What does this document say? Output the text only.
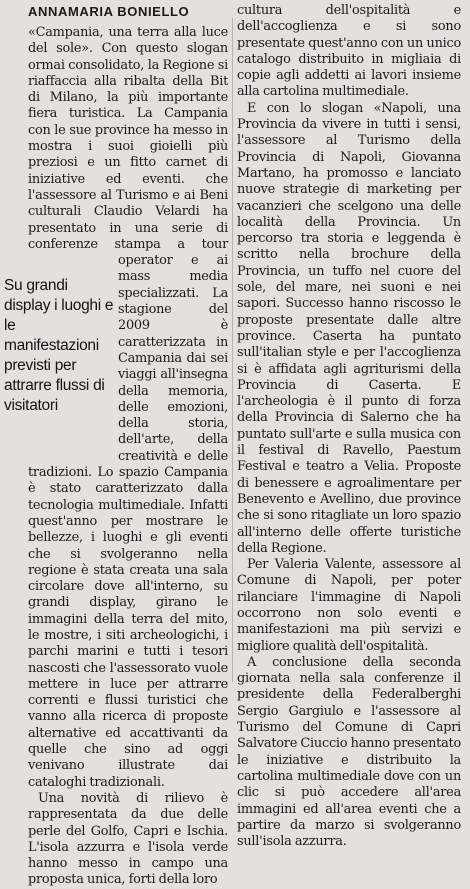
ANNAMARIA BONIELLO

«Campania, una terra alla luce del sole». Con questo slogan ormai consolidato, la Regione si riaffaccia alla ribalta della Bit di Milano, la più importante fiera turistica. La Campania con le sue province ha messo in mostra i suoi gioielli più preziosi e un fitto carnet di iniziative ed eventi. che l'assessore al Turismo e ai Beni culturali Claudio Velardi ha presentato in una serie di conferenze stampa a tour operator e ai mass media specializzati. La stagione del 2009 è caratterizzata in Campania dai sei viaggi all'insegna della memoria, delle emozioni, della storia, dell'arte, della creatività e delle tradizioni. Lo spazio Campania è stato caratterizzato dalla tecnologia multimediale. Infatti quest'anno per mostrare le bellezze, i luoghi e gli eventi che si svolgeranno nella regione è stata creata una sala circolare dove all'interno, su grandi display, girano le immagini della terra del mito, le mostre, i siti archeologichi, i parchi marini e tutti i tesori nascosti che l'assessorato vuole mettere in luce per attrarre correnti e flussi turistici che vanno alla ricerca di proposte alternative ed accattivanti da quelle che sino ad oggi venivano illustrate dai cataloghi tradizionali.

Una novità di rilievo è rappresentata da due delle perle del Golfo, Capri e Ischia. L'isola azzurra e l'isola verde hanno messo in campo una proposta unica, forti della loro

Su grandi display i luoghi e le manifestazioni previsti per attrarre flussi di visitatori

cultura dell'ospitalità e dell'accoglienza e si sono presentate quest'anno con un unico catalogo distribuito in migliaia di copie agli addetti ai lavori insieme alla cartolina multimediale.

E con lo slogan «Napoli, una Provincia da vivere in tutti i sensi, l'assessore al Turismo della Provincia di Napoli, Giovanna Martano, ha promosso e lanciato nuove strategie di marketing per vacanzieri che scelgono una delle località della Provincia. Un percorso tra storia e leggenda è scritto nella brochure della Provincia, un tuffo nel cuore del sole, del mare, nei suoni e nei sapori. Successo hanno riscosso le proposte presentate dalle altre province. Caserta ha puntato sull'italian style e per l'accoglienza si è affidata agli agriturismi della Provincia di Caserta. E l'archeologia è il punto di forza della Provincia di Salerno che ha puntato sull'arte e sulla musica con il festival di Ravello, Paestum Festival e teatro a Velia. Proposte di benessere e agroalimentare per Benevento e Avellino, due province che si sono ritagliate un loro spazio all'interno delle offerte turistiche della Regione.

Per Valeria Valente, assessore al Comune di Napoli, per poter rilanciare l'immagine di Napoli occorrono non solo eventi e manifestazioni ma più servizi e migliore qualità dell'ospitalità.

A conclusione della seconda giornata nella sala conferenze il presidente della Federalberghi Sergio Gargiulo e l'assessore al Turismo del Comune di Capri Salvatore Ciuccio hanno presentato le iniziative e distribuito la cartolina multimediale dove con un clic si può accedere all'area immagini ed all'area eventi che a partire da marzo si svolgeranno sull'isola azzurra.
